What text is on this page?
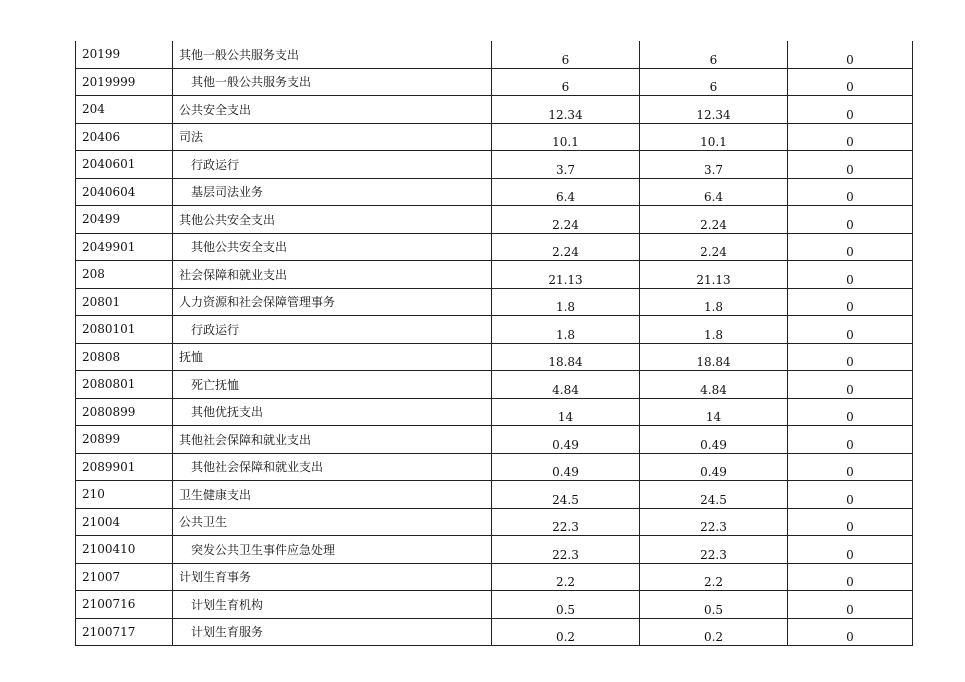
20199	其他一般公共服务支出	6	6	0
2019999	其他一般公共服务支出	6	6	0
204	公共安全支出	12.34	12.34	0
20406	司法	10.1	10.1	0
2040601	行政运行	3.7	3.7	0
2040604	基层司法业务	6.4	6.4	0
20499	其他公共安全支出	2.24	2.24	0
2049901	其他公共安全支出	2.24	2.24	0
208	社会保障和就业支出	21.13	21.13	0
20801	人力资源和社会保障管理事务	1.8	1.8	0
2080101	行政运行	1.8	1.8	0
20808	抚恤	18.84	18.84	0
2080801	死亡抚恤	4.84	4.84	0
2080899	其他优抚支出	14	14	0
20899	其他社会保障和就业支出	0.49	0.49	0
2089901	其他社会保障和就业支出	0.49	0.49	0
210	卫生健康支出	24.5	24.5	0
21004	公共卫生	22.3	22.3	0
2100410	突发公共卫生事件应急处理	22.3	22.3	0
21007	计划生育事务	2.2	2.2	0
2100716	计划生育机构	0.5	0.5	0
2100717	计划生育服务	0.2	0.2	0
